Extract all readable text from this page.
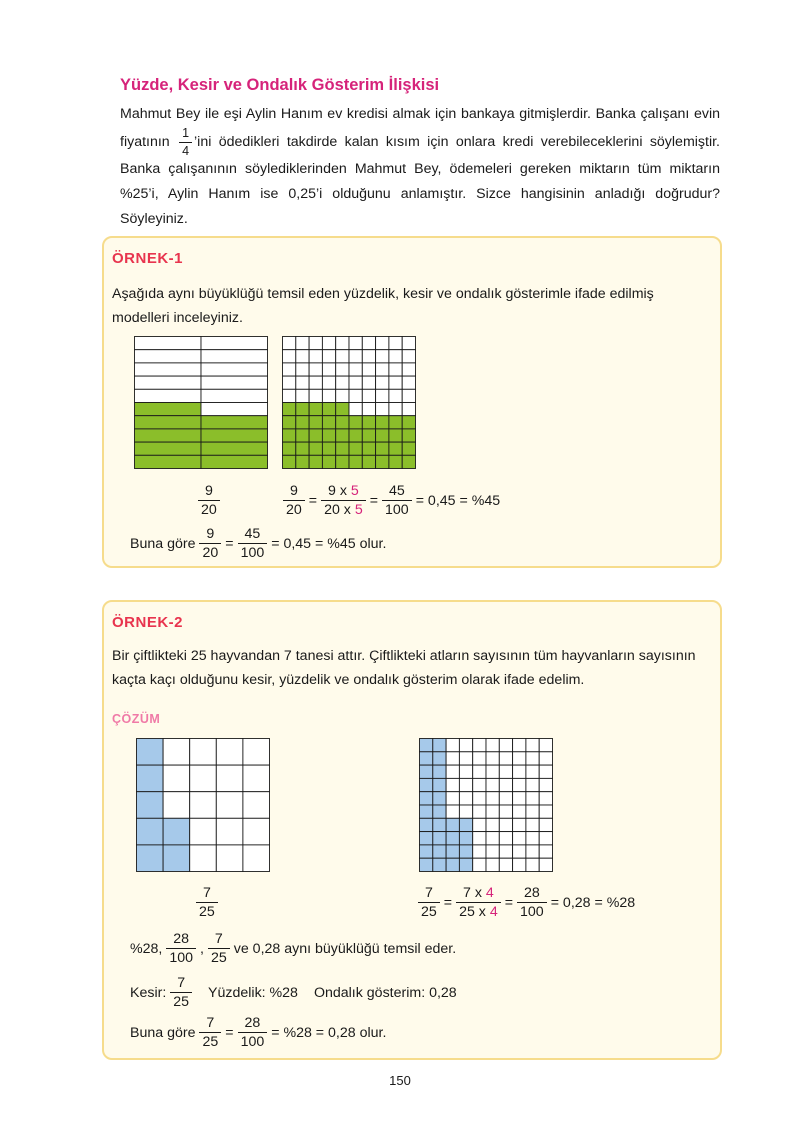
Yüzde, Kesir ve Ondalık Gösterim İlişkisi
Mahmut Bey ile eşi Aylin Hanım ev kredisi almak için bankaya gitmişlerdir. Banka çalışanı evin fiyatının $\frac{1}{4}$ ’ini ödedikleri takdirde kalan kısım için onlara kredi verebileceklerini söylemiştir. Banka çalışanının söylediklerinden Mahmut Bey, ödemeleri gereken miktarın tüm miktarın %25’i, Aylin Hanım ise 0,25’i olduğunu anlamıştır. Sizce hangisinin anladığı doğrudur? Söyleyiniz.
ÖRNEK-1
Aşağıda aynı büyüklüğü temsil eden yüzdelik, kesir ve ondalık gösterimle ifade edilmiş modelleri inceleyiniz.
$\frac{9}{20}$	$\frac{9}{20} = \frac{9 x 5}{20 x 5} = \frac{45}{100} = 0,45 = \%45$
Buna göre $\frac{9}{20} = \frac{45}{100} = 0,45 = \%45$ olur.
ÖRNEK-2
Bir çiftlikteki 25 hayvandan 7 tanesi attır. Çiftlikteki atların sayısının tüm hayvanların sayısının kaçta kaçı olduğunu kesir, yüzdelik ve ondalık gösterim olarak ifade edelim.
ÇÖZÜM
$\frac{7}{25}$	$\frac{7}{25} = \frac{7 x 4}{25 x 4} = \frac{28}{100} = 0,28 = \%28$
%28, $\frac{28}{100}$ , $\frac{7}{25}$ ve 0,28 aynı büyüklüğü temsil eder.
Kesir: $\frac{7}{25}$ Yüzdelik: %28 Ondalık gösterim: 0,28
Buna göre $\frac{7}{25} = \frac{28}{100} = \%28 = 0,28$ olur.
150
